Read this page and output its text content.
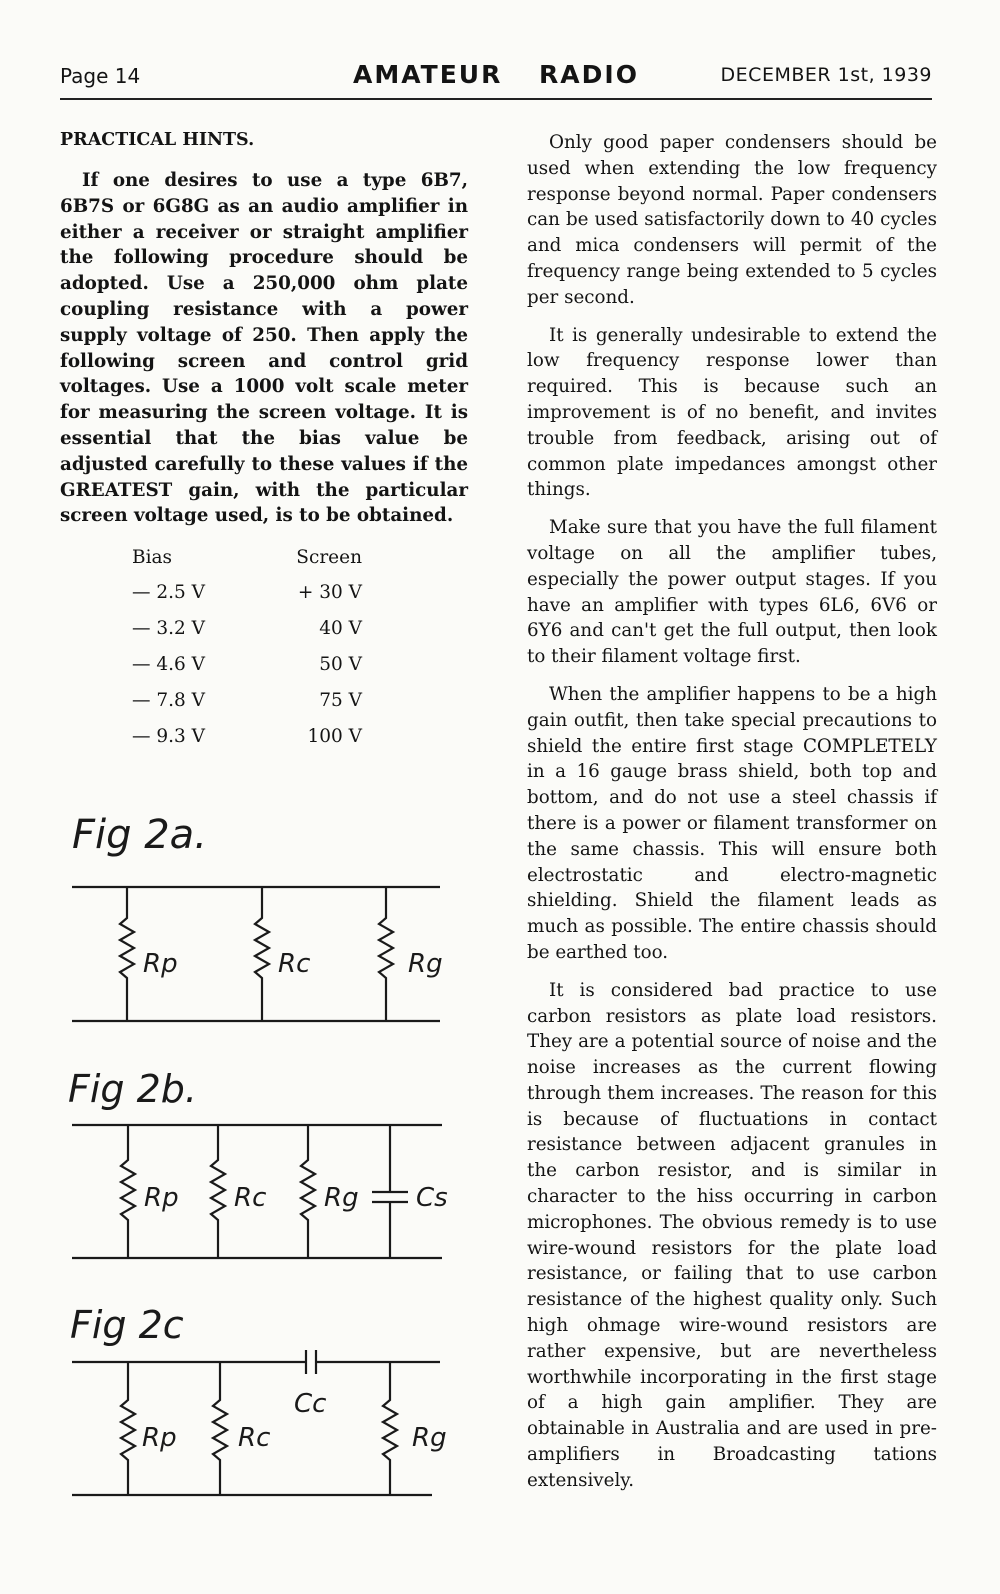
Page 14	AMATEUR RADIO	DECEMBER 1st, 1939
PRACTICAL HINTS.

If one desires to use a type 6B7, 6B7S or 6G8G as an audio amplifier in either a receiver or straight amplifier the following procedure should be adopted. Use a 250,000 ohm plate coupling resistance with a power supply voltage of 250. Then apply the following screen and control grid voltages. Use a 1000 volt scale meter for measuring the screen voltage. It is essential that the bias value be adjusted carefully to these values if the GREATEST gain, with the particular screen voltage used, is to be obtained.

Bias	Screen
— 2.5 V	+ 30 V
— 3.2 V	40 V
— 4.6 V	50 V
— 7.8 V	75 V
— 9.3 V	100 V
Fig 2a.
Rp	Rc	Rg
Fig 2b.
Rp Rc Rg Cs
Fig 2c
Cc
Rp Rc	Rg

Only good paper condensers should be used when extending the low frequency response beyond normal. Paper condensers can be used satisfactorily down to 40 cycles and mica condensers will permit of the frequency range being extended to 5 cycles per second.

It is generally undesirable to extend the low frequency response lower than required. This is because such an improvement is of no benefit, and invites trouble from feedback, arising out of common plate impedances amongst other things.

Make sure that you have the full filament voltage on all the amplifier tubes, especially the power output stages. If you have an amplifier with types 6L6, 6V6 or 6Y6 and can't get the full output, then look to their filament voltage first.

When the amplifier happens to be a high gain outfit, then take special precautions to shield the entire first stage COMPLETELY in a 16 gauge brass shield, both top and bottom, and do not use a steel chassis if there is a power or filament transformer on the same chassis. This will ensure both electrostatic and electro-magnetic shielding. Shield the filament leads as much as possible. The entire chassis should be earthed too.

It is considered bad practice to use carbon resistors as plate load resistors. They are a potential source of noise and the noise increases as the current flowing through them increases. The reason for this is because of fluctuations in contact resistance between adjacent granules in the carbon resistor, and is similar in character to the hiss occurring in carbon microphones. The obvious remedy is to use wire-wound resistors for the plate load resistance, or failing that to use carbon resistance of the highest quality only. Such high ohmage wire-wound resistors are rather expensive, but are nevertheless worthwhile incorporating in the first stage of a high gain amplifier. They are obtainable in Australia and are used in pre-amplifiers in Broadcasting tations extensively.
